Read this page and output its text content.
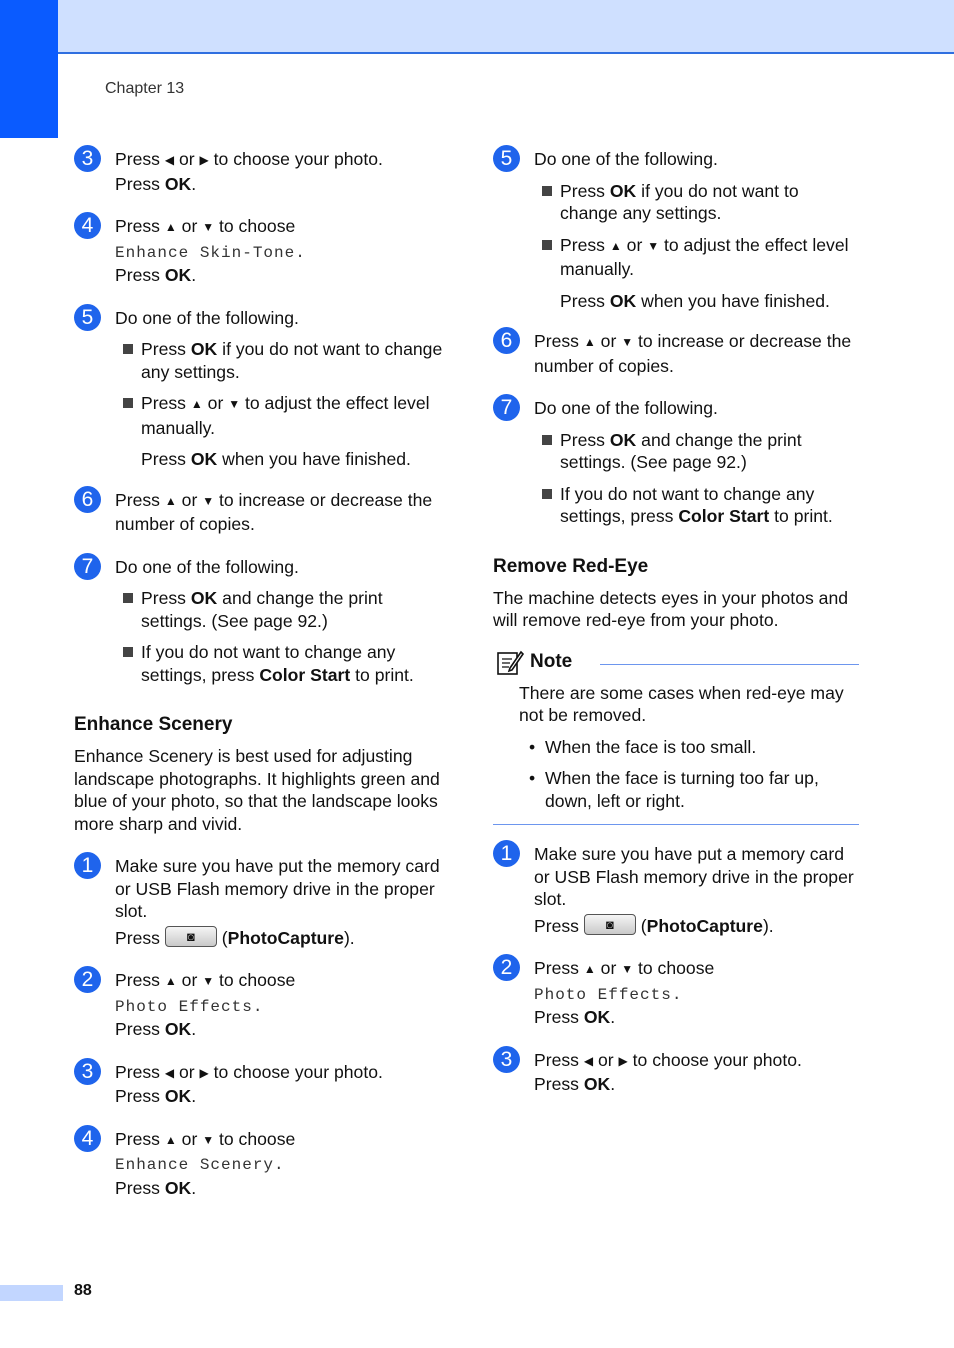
Chapter 13
3	Press ◀ or ▶ to choose your photo.
Press OK.
4	Press ▲ or ▼ to choose
Enhance Skin-Tone.
Press OK.
5	Do one of the following.
Press OK if you do not want to change any settings.
Press ▲ or ▼ to adjust the effect level manually.
Press OK when you have finished.
6	Press ▲ or ▼ to increase or decrease the number of copies.
7	Do one of the following.
Press OK and change the print settings. (See page 92.)
If you do not want to change any settings, press Color Start to print.
Enhance Scenery
Enhance Scenery is best used for adjusting landscape photographs. It highlights green and blue of your photo, so that the landscape looks more sharp and vivid.
1	Make sure you have put the memory card or USB Flash memory drive in the proper slot.

Press ◙ (PhotoCapture).
2	Press ▲ or ▼ to choose
Photo Effects.
Press OK.
3	Press ◀ or ▶ to choose your photo.
Press OK.
4	Press ▲ or ▼ to choose
Enhance Scenery.
Press OK.
5	Do one of the following.
Press OK if you do not want to change any settings.
Press ▲ or ▼ to adjust the effect level manually.
Press OK when you have finished.
6	Press ▲ or ▼ to increase or decrease the number of copies.
7	Do one of the following.
Press OK and change the print settings. (See page 92.)
If you do not want to change any settings, press Color Start to print.
Remove Red-Eye
The machine detects eyes in your photos and will remove red-eye from your photo.
Note
There are some cases when red-eye may not be removed.
• When the face is too small.
• When the face is turning too far up, down, left or right.
1	Make sure you have put a memory card or USB Flash memory drive in the proper slot.

Press ◙ (PhotoCapture).
2	Press ▲ or ▼ to choose
Photo Effects.
Press OK.
3	Press ◀ or ▶ to choose your photo.
Press OK.
88
